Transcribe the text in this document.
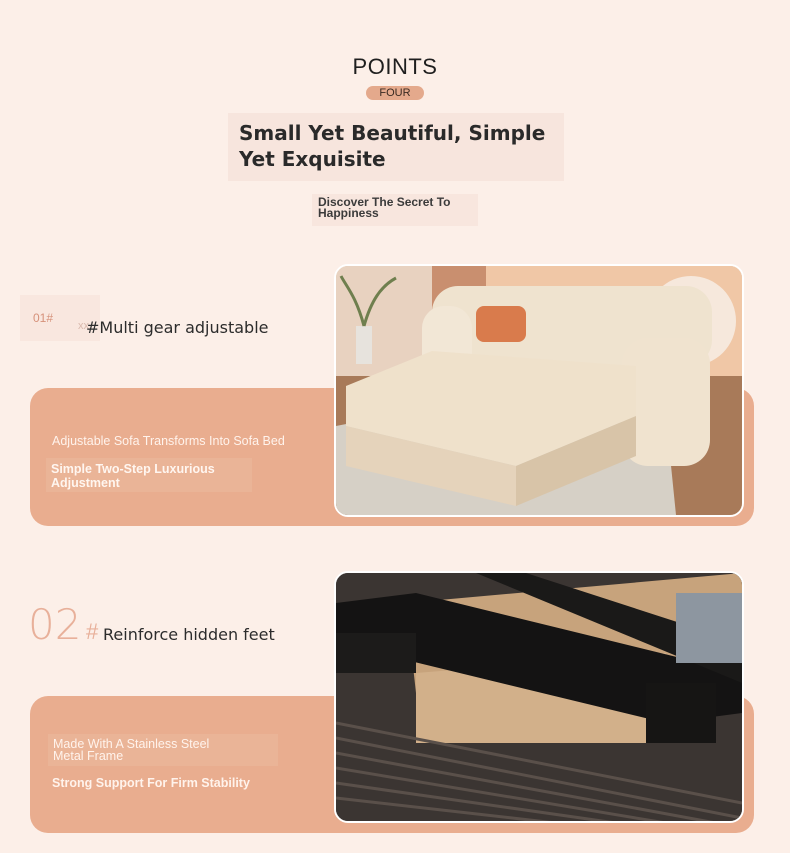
POINTS
FOUR
Small Yet Beautiful, Simple
Yet Exquisite
Discover The Secret To
Happiness
01#
xx
#Multi gear adjustable
Adjustable Sofa Transforms Into Sofa Bed
Simple Two-Step Luxurious
Adjustment
02 # Reinforce hidden feet
Made With A Stainless Steel
Metal Frame
Strong Support For Firm Stability
